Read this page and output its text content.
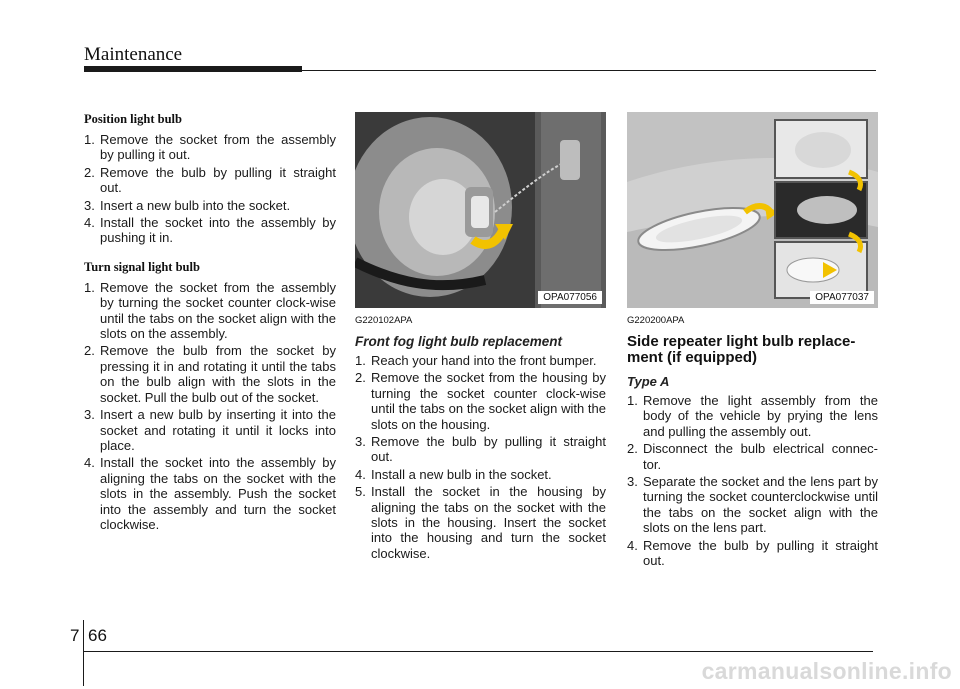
Maintenance
Position light bulb
1. Remove the socket from the assembly by pulling it out.
2. Remove the bulb by pulling it straight out.
3. Insert a new bulb into the socket.
4. Install the socket into the assembly by pushing it in.
Turn signal light bulb
1. Remove the socket from the assembly by turning the socket counter clock-wise until the tabs on the socket align with the slots on the assembly.
2. Remove the bulb from the socket by pressing it in and rotating it until the tabs on the bulb align with the slots in the socket. Pull the bulb out of the socket.
3. Insert a new bulb by inserting it into the socket and rotating it until it locks into place.
4. Install the socket into the assembly by aligning the tabs on the socket with the slots in the assembly. Push the socket into the assembly and turn the socket clockwise.
OPA077056
G220102APA
Front fog light bulb replacement
1. Reach your hand into the front bumper.
2. Remove the socket from the housing by turning the socket counter clock-wise until the tabs on the socket align with the slots on the housing.
3. Remove the bulb by pulling it straight out.
4. Install a new bulb in the socket.
5. Install the socket in the housing by aligning the tabs on the socket with the slots in the housing. Insert the socket into the housing and turn the socket clockwise.
OPA077037
G220200APA
Side repeater light bulb replace-ment (if equipped)
Type A
1. Remove the light assembly from the body of the vehicle by prying the lens and pulling the assembly out.
2. Disconnect the bulb electrical connec-tor.
3. Separate the socket and the lens part by turning the socket counterclockwise until the tabs on the socket align with the slots on the lens part.
4. Remove the bulb by pulling it straight out.
7 66
carmanualsonline.info
